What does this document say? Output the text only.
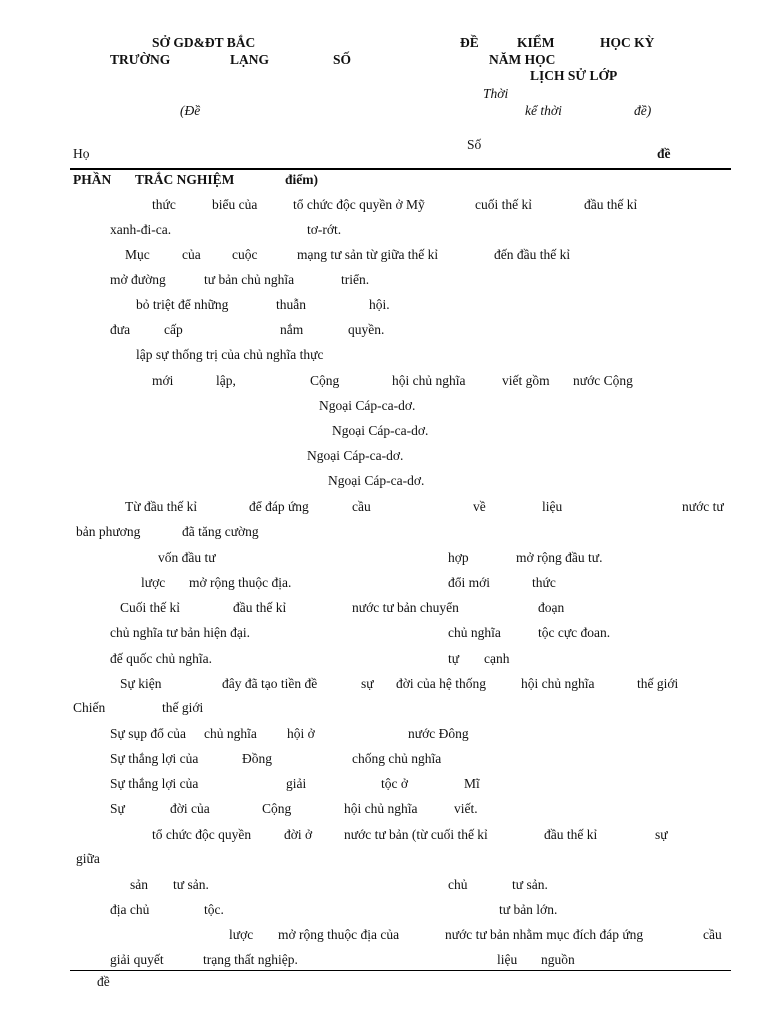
SỞ GD&ĐT BẮC
TRƯỜNG	LẠNG	SỐ
ĐỀ	KIỂM	HỌC KỲ
NĂM HỌC
LỊCH SỬ LỚP
Thời
(Đề	kể thời	đề)
Số
Họ	đề
PHẦN TRẮC NGHIỆM	điểm)
thức	biểu của	tổ chức độc quyền ở Mỹ	cuối thế kỉ	đầu thế kỉ
xanh-đi-ca.	tơ-rớt.
Mục của cuộc	mạng tư sản từ giữa thế kỉ	đến đầu thế kỉ
mở đường	tư bản chủ nghĩa	triển.
bỏ triệt để những	thuẫn	hội.
đưa	cấp	nắm	quyền.
lập sự thống trị của chủ nghĩa thực
mới	lập,	Cộng	hội chủ nghĩa	viết gồm nước Cộng
Ngoại Cáp-ca-dơ.
Ngoại Cáp-ca-dơ.
Ngoại Cáp-ca-dơ.
Ngoại Cáp-ca-dơ.
Từ đầu thế kỉ	để đáp ứng	cầu	về	liệu	nước tư
bản phương	đã tăng cường
vốn đầu tư	hợp	mở rộng đầu tư.
lược mở rộng thuộc địa.	đổi mới	thức
Cuối thế kỉ	đầu thế kỉ	nước tư bản chuyển	đoạn
chủ nghĩa tư bản hiện đại.	chủ nghĩa	tộc cực đoan.
đế quốc chủ nghĩa.	tự cạnh
Sự kiện	đây đã tạo tiền đề	sự đời của hệ thống	hội chủ nghĩa	thế giới
Chiến	thế giới
Sự sụp đổ của chủ nghĩa hội ở	nước Đông
Sự thắng lợi của	Đồng	chống chủ nghĩa
Sự thắng lợi của	giải	tộc ở	Mĩ
Sự	đời của	Cộng	hội chủ nghĩa	viết.
tổ chức độc quyền đời ở nước tư bản (từ cuối thế kỉ	đầu thế kỉ	sự
giữa
sản tư sản.	chủ	tư sản.
địa chủ	tộc.	tư bản lớn.
lược mở rộng thuộc địa của	nước tư bản nhằm mục đích đáp ứng	cầu
giải quyết	trạng thất nghiệp.	liệu nguồn
đề
